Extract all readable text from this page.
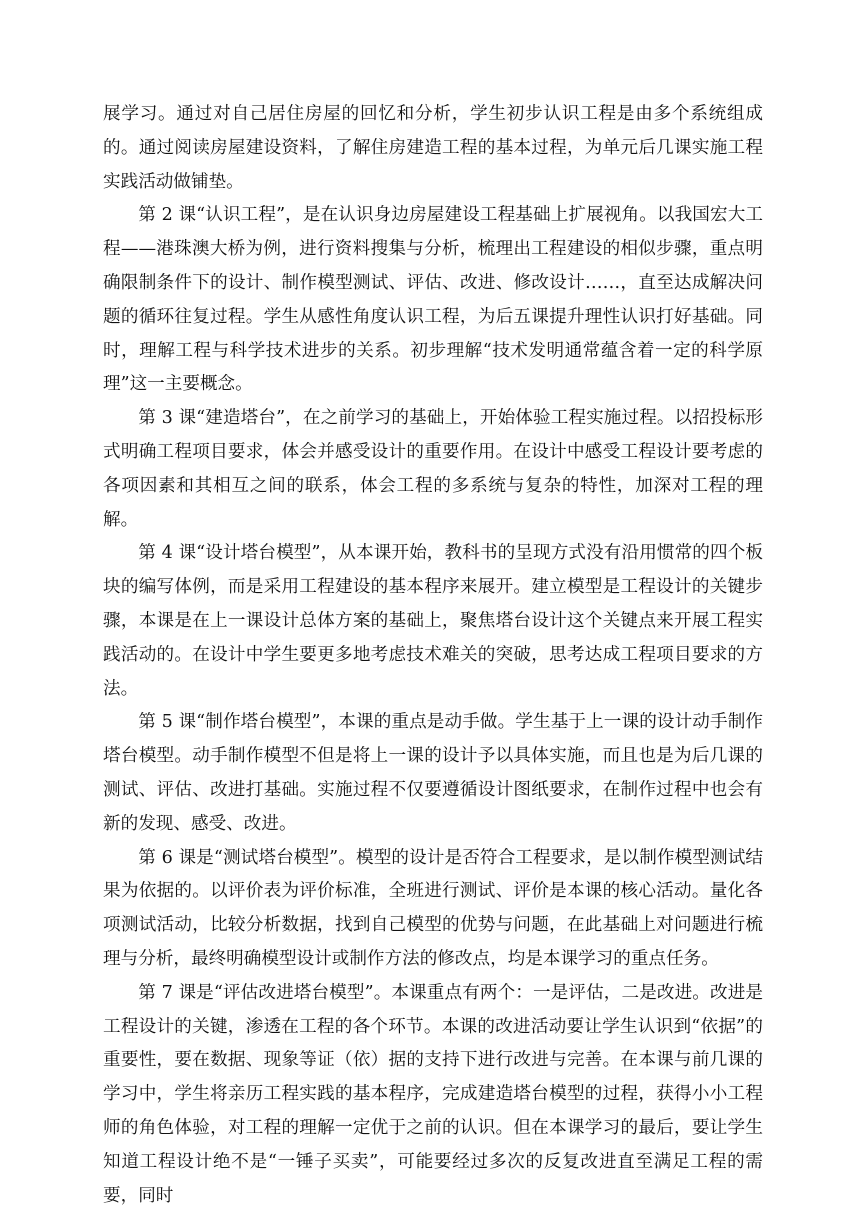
展学习。通过对自己居住房屋的回忆和分析，学生初步认识工程是由多个系统组成的。通过阅读房屋建设资料，了解住房建造工程的基本过程，为单元后几课实施工程实践活动做铺垫。

第 2 课“认识工程”，是在认识身边房屋建设工程基础上扩展视角。以我国宏大工程——港珠澳大桥为例，进行资料搜集与分析，梳理出工程建设的相似步骤，重点明确限制条件下的设计、制作模型测试、评估、改进、修改设计……，直至达成解决问题的循环往复过程。学生从感性角度认识工程，为后五课提升理性认识打好基础。同时，理解工程与科学技术进步的关系。初步理解“技术发明通常蕴含着一定的科学原理”这一主要概念。

第 3 课“建造塔台”，在之前学习的基础上，开始体验工程实施过程。以招投标形式明确工程项目要求，体会并感受设计的重要作用。在设计中感受工程设计要考虑的各项因素和其相互之间的联系，体会工程的多系统与复杂的特性，加深对工程的理解。

第 4 课“设计塔台模型”，从本课开始，教科书的呈现方式没有沿用惯常的四个板块的编写体例，而是采用工程建设的基本程序来展开。建立模型是工程设计的关键步骤，本课是在上一课设计总体方案的基础上，聚焦塔台设计这个关键点来开展工程实践活动的。在设计中学生要更多地考虑技术难关的突破，思考达成工程项目要求的方法。

第 5 课“制作塔台模型”，本课的重点是动手做。学生基于上一课的设计动手制作塔台模型。动手制作模型不但是将上一课的设计予以具体实施，而且也是为后几课的测试、评估、改进打基础。实施过程不仅要遵循设计图纸要求，在制作过程中也会有新的发现、感受、改进。

第 6 课是“测试塔台模型”。模型的设计是否符合工程要求，是以制作模型测试结果为依据的。以评价表为评价标准，全班进行测试、评价是本课的核心活动。量化各项测试活动，比较分析数据，找到自己模型的优势与问题，在此基础上对问题进行梳理与分析，最终明确模型设计或制作方法的修改点，均是本课学习的重点任务。

第 7 课是“评估改进塔台模型”。本课重点有两个：一是评估，二是改进。改进是工程设计的关键，渗透在工程的各个环节。本课的改进活动要让学生认识到“依据”的重要性，要在数据、现象等证（依）据的支持下进行改进与完善。在本课与前几课的学习中，学生将亲历工程实践的基本程序，完成建造塔台模型的过程，获得小小工程师的角色体验，对工程的理解一定优于之前的认识。但在本课学习的最后，要让学生知道工程设计绝不是“一锤子买卖”，可能要经过多次的反复改进直至满足工程的需要，同时
